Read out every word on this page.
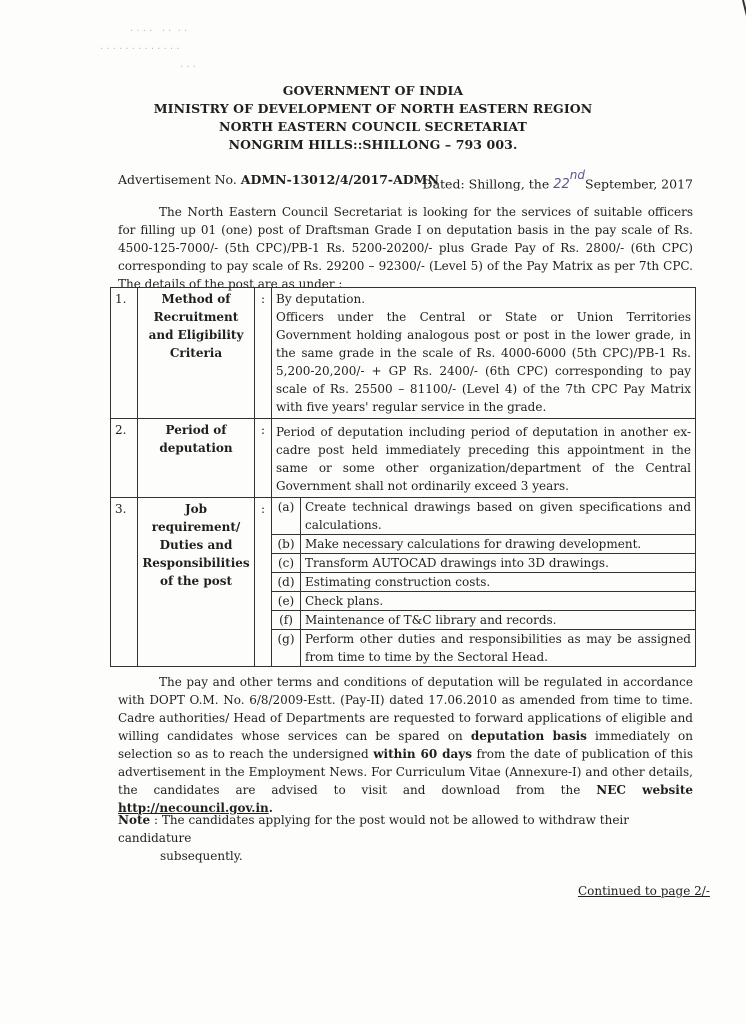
. . . .   . .  . .
. . . . . . . . . . . . .
. . .
GOVERNMENT OF INDIA
MINISTRY OF DEVELOPMENT OF NORTH EASTERN REGION
NORTH EASTERN COUNCIL SECRETARIAT
NONGRIM HILLS::SHILLONG – 793 003.
Advertisement No. ADMN-13012/4/2017-ADMN
Dated: Shillong, the 22ndSeptember, 2017
The North Eastern Council Secretariat is looking for the services of suitable officers for filling up 01 (one) post of Draftsman Grade I on deputation basis in the pay scale of Rs. 4500-125-7000/- (5th CPC)/PB-1 Rs. 5200-20200/- plus Grade Pay of Rs. 2800/- (6th CPC) corresponding to pay scale of Rs. 29200 – 92300/- (Level 5) of the Pay Matrix as per 7th CPC. The details of the post are as under :
1.	Method of Recruitment and Eligibility Criteria	:	By deputation.
Officers under the Central or State or Union Territories Government holding analogous post or post in the lower grade, in the same grade in the scale of Rs. 4000-6000 (5th CPC)/PB-1 Rs. 5,200-20,200/- + GP Rs. 2400/- (6th CPC) corresponding to pay scale of Rs. 25500 – 81100/- (Level 4) of the 7th CPC Pay Matrix with five years' regular service in the grade.

2.	Period of deputation	:	Period of deputation including period of deputation in another ex-cadre post held immediately preceding this appointment in the same or some other organization/department of the Central Government shall not ordinarily exceed 3 years.
3.	Job requirement/ Duties and Responsibilities of the post	:	(a)	Create technical drawings based on given specifications and calculations.
(b)	Make necessary calculations for drawing development.
(c)	Transform AUTOCAD drawings into 3D drawings.
(d)	Estimating construction costs.
(e)	Check plans.
(f)	Maintenance of T&C library and records.
(g)	Perform other duties and responsibilities as may be assigned from time to time by the Sectoral Head.
The pay and other terms and conditions of deputation will be regulated in accordance with DOPT O.M. No. 6/8/2009-Estt. (Pay-II) dated 17.06.2010 as amended from time to time. Cadre authorities/ Head of Departments are requested to forward applications of eligible and willing candidates whose services can be spared on deputation basis immediately on selection so as to reach the undersigned within 60 days from the date of publication of this advertisement in the Employment News. For Curriculum Vitae (Annexure-I) and other details, the candidates are advised to visit and download from the NEC website http://necouncil.gov.in.
Note : The candidates applying for the post would not be allowed to withdraw their candidature
subsequently.
Continued to page 2/-
